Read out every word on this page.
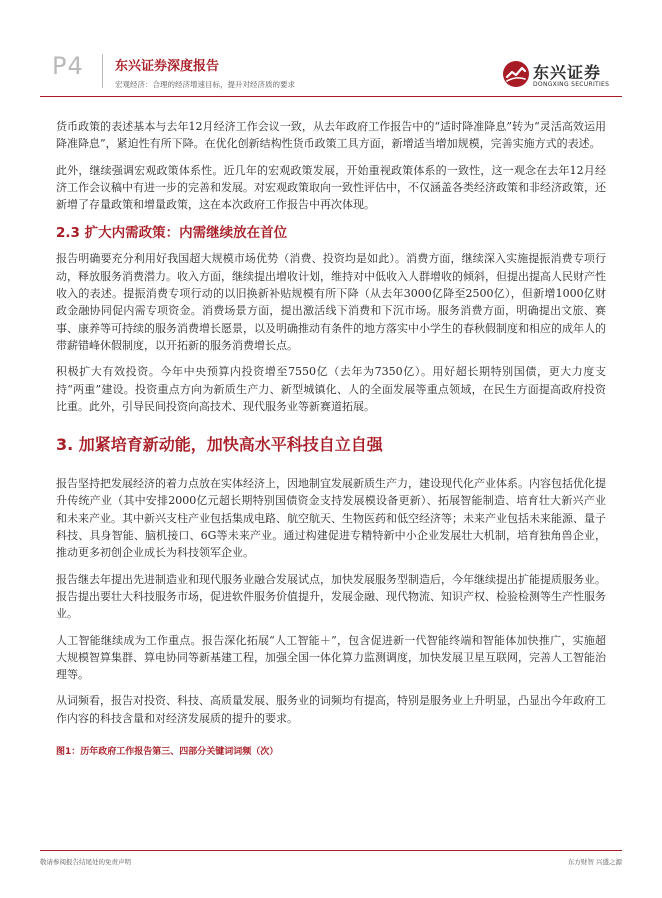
P4 东兴证券深度报告
宏观经济：合理的经济增速目标，提升对经济质的要求
东兴证券
DONGXING SECURITIES

货币政策的表述基本与去年12月经济工作会议一致，从去年政府工作报告中的“适时降准降息”转为“灵活高效运用降准降息”，紧迫性有所下降。在优化创新结构性货币政策工具方面，新增适当增加规模，完善实施方式的表述。

此外，继续强调宏观政策体系性。近几年的宏观政策发展，开始重视政策体系的一致性，这一观念在去年12月经济工作会议稿中有进一步的完善和发展。对宏观政策取向一致性评估中，不仅涵盖各类经济政策和非经济政策，还新增了存量政策和增量政策，这在本次政府工作报告中再次体现。

2.3 扩大内需政策：内需继续放在首位

报告明确要充分利用好我国超大规模市场优势（消费、投资均是如此）。消费方面，继续深入实施提振消费专项行动，释放服务消费潜力。收入方面，继续提出增收计划，维持对中低收入人群增收的倾斜，但提出提高人民财产性收入的表述。提振消费专项行动的以旧换新补贴规模有所下降（从去年3000亿降至2500亿），但新增1000亿财政金融协同促内需专项资金。消费场景方面，提出激活线下消费和下沉市场。服务消费方面，明确提出文旅、赛事、康养等可持续的服务消费增长愿景，以及明确推动有条件的地方落实中小学生的春秋假制度和相应的成年人的带薪错峰休假制度，以开拓新的服务消费增长点。

积极扩大有效投资。今年中央预算内投资增至7550亿（去年为7350亿）。用好超长期特别国债，更大力度支持“两重”建设。投资重点方向为新质生产力、新型城镇化、人的全面发展等重点领域，在民生方面提高政府投资比重。此外，引导民间投资向高技术、现代服务业等新赛道拓展。

3. 加紧培育新动能，加快高水平科技自立自强

报告坚持把发展经济的着力点放在实体经济上，因地制宜发展新质生产力，建设现代化产业体系。内容包括优化提升传统产业（其中安排2000亿元超长期特别国债资金支持发展模设备更新）、拓展智能制造、培育壮大新兴产业和未来产业。其中新兴支柱产业包括集成电路、航空航天、生物医药和低空经济等；未来产业包括未来能源、量子科技、具身智能、脑机接口、6G等未来产业。通过构建促进专精特新中小企业发展壮大机制，培育独角兽企业，推动更多初创企业成长为科技领军企业。

报告继去年提出先进制造业和现代服务业融合发展试点，加快发展服务型制造后，今年继续提出扩能提质服务业。报告提出要壮大科技服务市场，促进软件服务价值提升，发展金融、现代物流、知识产权、检验检测等生产性服务业。

人工智能继续成为工作重点。报告深化拓展“人工智能＋”，包含促进新一代智能终端和智能体加快推广，实施超大规模智算集群、算电协同等新基建工程，加强全国一体化算力监测调度，加快发展卫星互联网，完善人工智能治理等。

从词频看，报告对投资、科技、高质量发展、服务业的词频均有提高，特别是服务业上升明显，凸显出今年政府工作内容的科技含量和对经济发展质的提升的要求。

图1：历年政府工作报告第三、四部分关键词词频（次）
敬请参阅报告结尾处的免责声明	东方财智 兴盛之源
